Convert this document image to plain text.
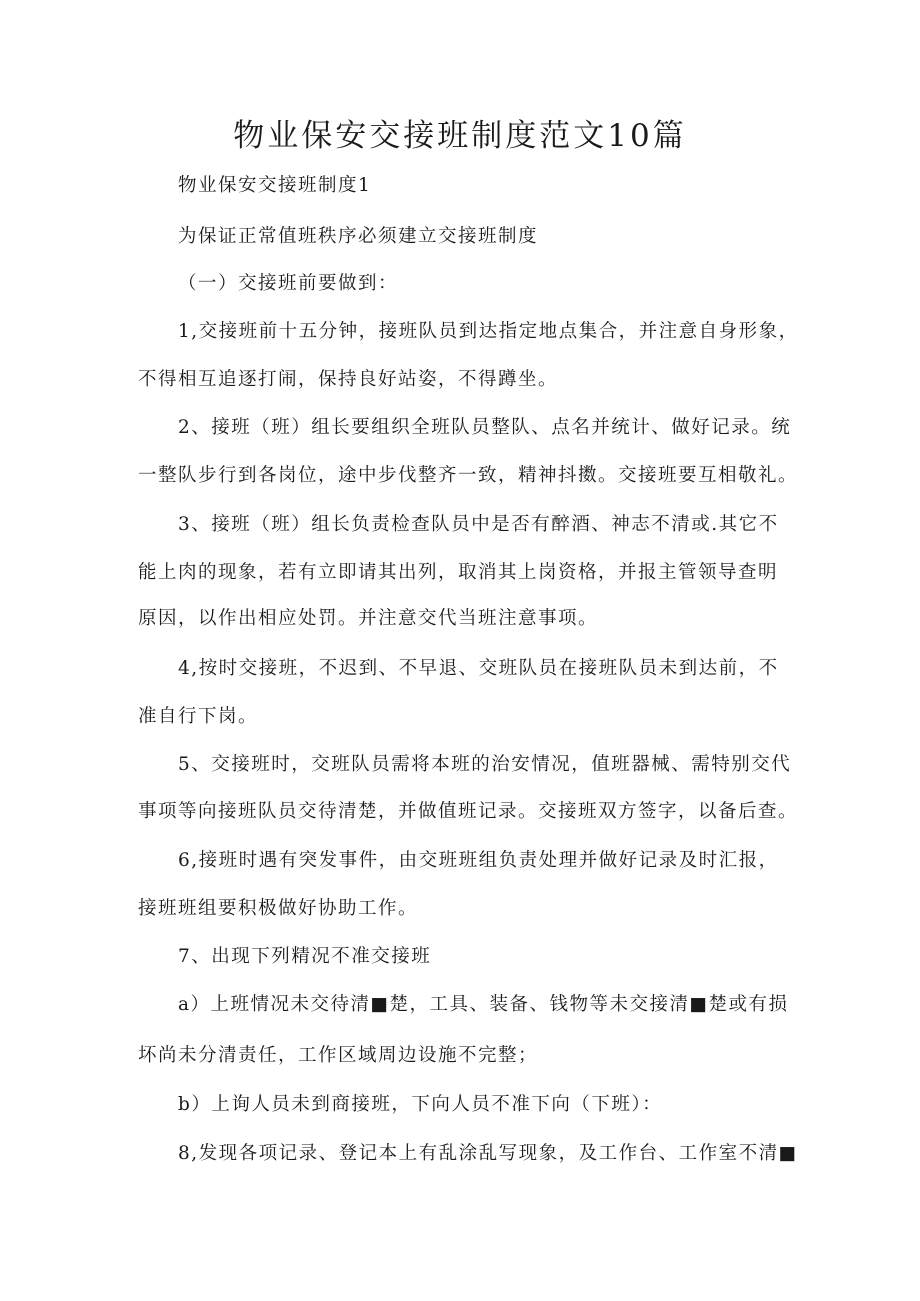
物业保安交接班制度范文10篇
物业保安交接班制度1
为保证正常值班秩序必须建立交接班制度
（一）交接班前要做到：
1,交接班前十五分钟，接班队员到达指定地点集合，并注意自身形象，
不得相互追逐打闹，保持良好站姿，不得蹲坐。
2、接班（班）组长要组织全班队员整队、点名并统计、做好记录。统
一整队步行到各岗位，途中步伐整齐一致，精神抖擞。交接班要互相敬礼。
3、接班（班）组长负责检查队员中是否有醉酒、神志不清或.其它不
能上肉的现象，若有立即请其出列，取消其上岗资格，并报主管领导查明
原因，以作出相应处罚。并注意交代当班注意事项。
4,按时交接班，不迟到、不早退、交班队员在接班队员未到达前，不
准自行下岗。
5、交接班时，交班队员需将本班的治安情况，值班器械、需特别交代
事项等向接班队员交待清楚，并做值班记录。交接班双方签字，以备后查。
6,接班时遇有突发事件，由交班班组负责处理并做好记录及时汇报，
接班班组要积极做好协助工作。
7、出现下列精况不准交接班
a）上班情况未交待清■楚，工具、装备、钱物等未交接清■楚或有损
坏尚未分清责任，工作区域周边设施不完整；
b）上询人员未到商接班，下向人员不准下向（下班）：
8,发现各项记录、登记本上有乱涂乱写现象，及工作台、工作室不清■
